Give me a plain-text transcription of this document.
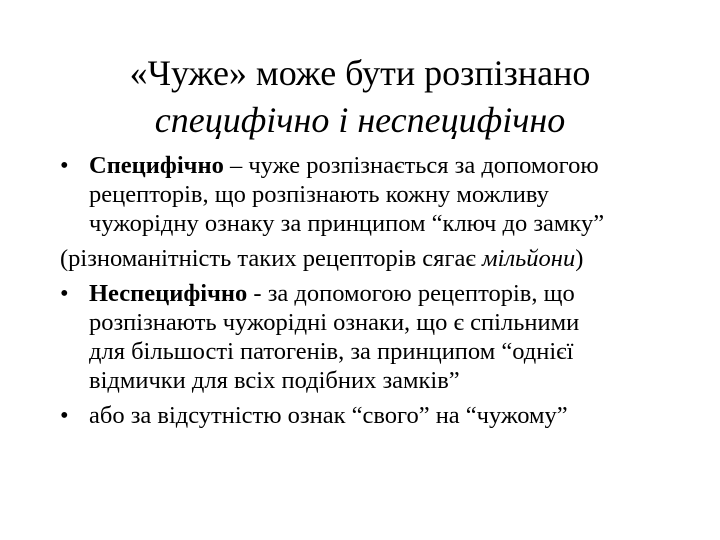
«Чуже» може бути розпізнано
специфічно і неспецифічно
• Специфічно – чуже розпізнається за допомогою
рецепторів, що розпізнають кожну можливу
чужорідну ознаку за принципом “ключ до замку”
(різноманітність таких рецепторів сягає мільйони)
• Неспецифічно - за допомогою рецепторів, що
розпізнають чужорідні ознаки, що є спільними
для більшості патогенів, за принципом “однієї
відмички для всіх подібних замків”
• або за відсутністю ознак “свого” на “чужому”
